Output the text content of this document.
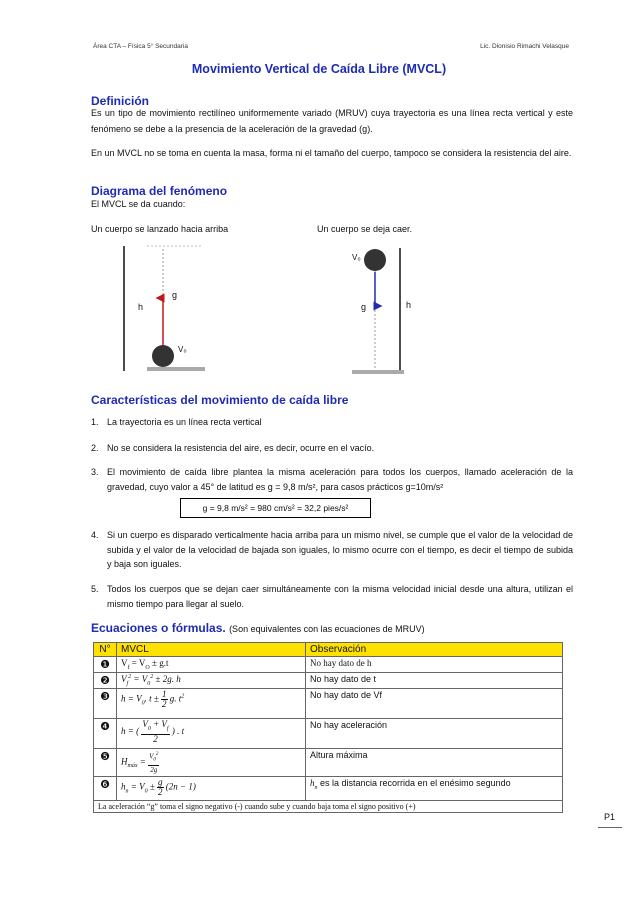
Área CTA – Física 5° Secundaria	Lic. Dionisio Rimachi Velasque
Movimiento Vertical de Caída Libre (MVCL)
Definición
Es un tipo de movimiento rectilíneo uniformemente variado (MRUV) cuya trayectoria es una línea recta vertical y este fenómeno se debe a la presencia de la aceleración de la gravedad (g).
En un MVCL no se toma en cuenta la masa, forma ni el tamaño del cuerpo, tampoco se considera la resistencia del aire.
Diagrama del fenómeno
El MVCL se da cuando:
Un cuerpo se lanzado hacia arriba	Un cuerpo se deja caer.
h
g
V₀
h
g
V₀
Características del movimiento de caída libre
1. La trayectoria es un línea recta vertical
2. No se considera la resistencia del aire, es decir, ocurre en el vacío.
3. El movimiento de caída libre plantea la misma aceleración para todos los cuerpos, llamado aceleración de la gravedad, cuyo valor a 45° de latitud es g = 9,8 m/s², para casos prácticos g=10m/s²
g = 9,8 m/s² = 980 cm/s² = 32,2 pies/s²
4. Si un cuerpo es disparado verticalmente hacia arriba para un mismo nivel, se cumple que el valor de la velocidad de subida y el valor de la velocidad de bajada son iguales, lo mismo ocurre con el tiempo, es decir el tiempo de subida y baja son iguales.
5. Todos los cuerpos que se dejan caer simultáneamente con la misma velocidad inicial desde una altura, utilizan el mismo tiempo para llegar al suelo.
Ecuaciones o fórmulas. (Son equivalentes con las ecuaciones de MRUV)
N°	MVCL	Observación
❶	$V_f = V_O \pm g.t$	No hay dato de h
❷	$V_f^2 = V_0^2 \pm 2g$. h	No hay dato de t
❸	$h = V_0$. $t \pm \frac{1}{2} g$. $t^2$	No hay dato de Vf
❹	h = ( $\frac{V_0 + V_f}{2}$ ) . t	No hay aceleración
❺	$H_{máx} = \frac{V_0^2}{2g}$	Altura máxima
❻	$h_n = V_0 \pm \frac{g}{2} (2n - 1)$	$h_n$ es la distancia recorrida en el enésimo segundo
La aceleración “g” toma el signo negativo (-) cuando sube y cuando baja toma el signo positivo (+)		
P1
